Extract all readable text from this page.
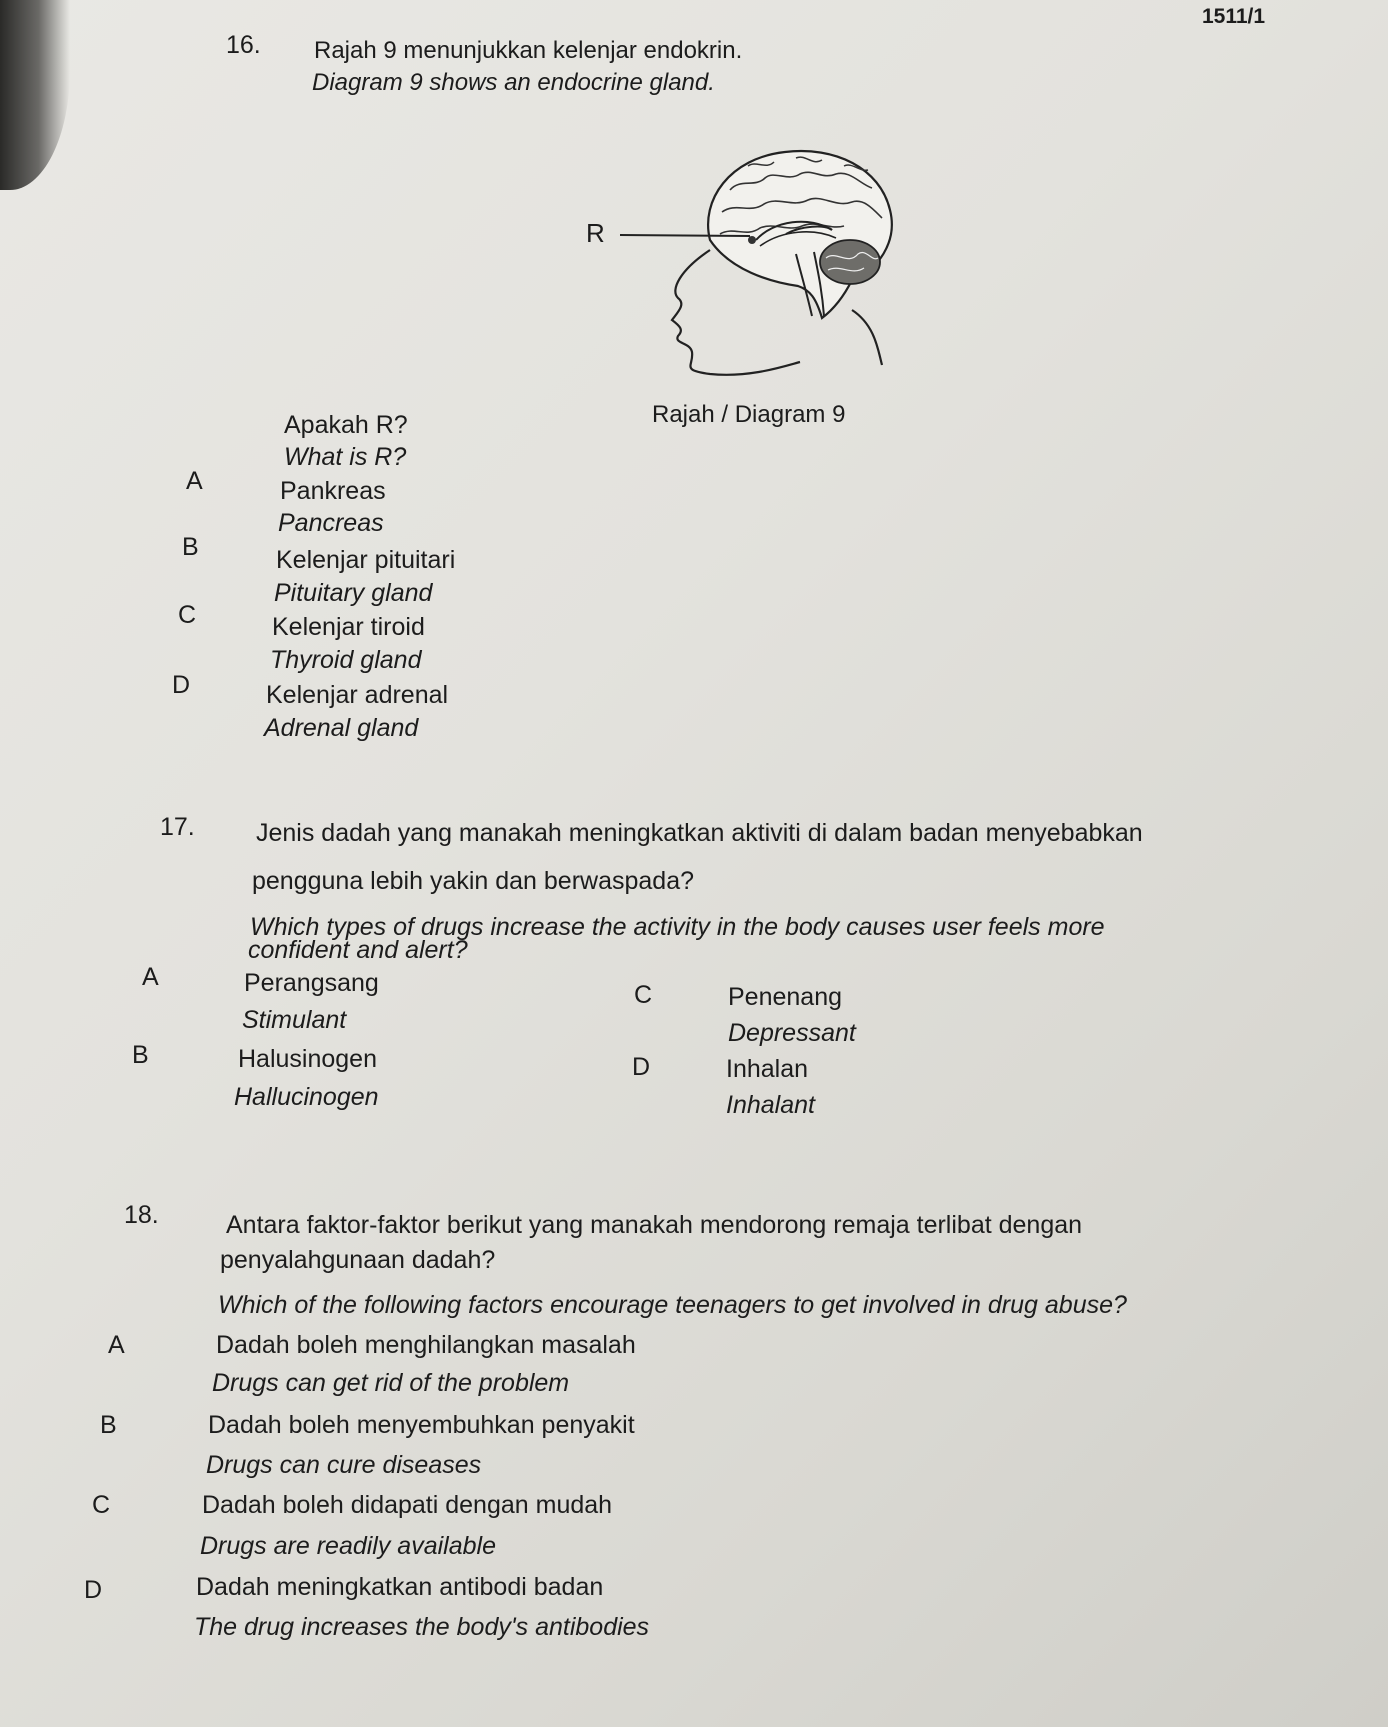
1511/1
16. Rajah 9 menunjukkan kelenjar endokrin.
Diagram 9 shows an endocrine gland.
R
Rajah / Diagram 9
Apakah R?
What is R?
A	Pankreas
Pancreas
B	Kelenjar pituitari
Pituitary gland
C	Kelenjar tiroid
Thyroid gland
D	Kelenjar adrenal
Adrenal gland
17. Jenis dadah yang manakah meningkatkan aktiviti di dalam badan menyebabkan
pengguna lebih yakin dan berwaspada?
Which types of drugs increase the activity in the body causes user feels more
confident and alert?
A	Perangsang
Stimulant
B	Halusinogen
Hallucinogen
C	Penenang
Depressant
D	Inhalan
Inhalant
18.	Antara faktor-faktor berikut yang manakah mendorong remaja terlibat dengan
penyalahgunaan dadah?
Which of the following factors encourage teenagers to get involved in drug abuse?
A	Dadah boleh menghilangkan masalah
Drugs can get rid of the problem
B	Dadah boleh menyembuhkan penyakit
Drugs can cure diseases
C	Dadah boleh didapati dengan mudah
Drugs are readily available
D	Dadah meningkatkan antibodi badan
The drug increases the body's antibodies
